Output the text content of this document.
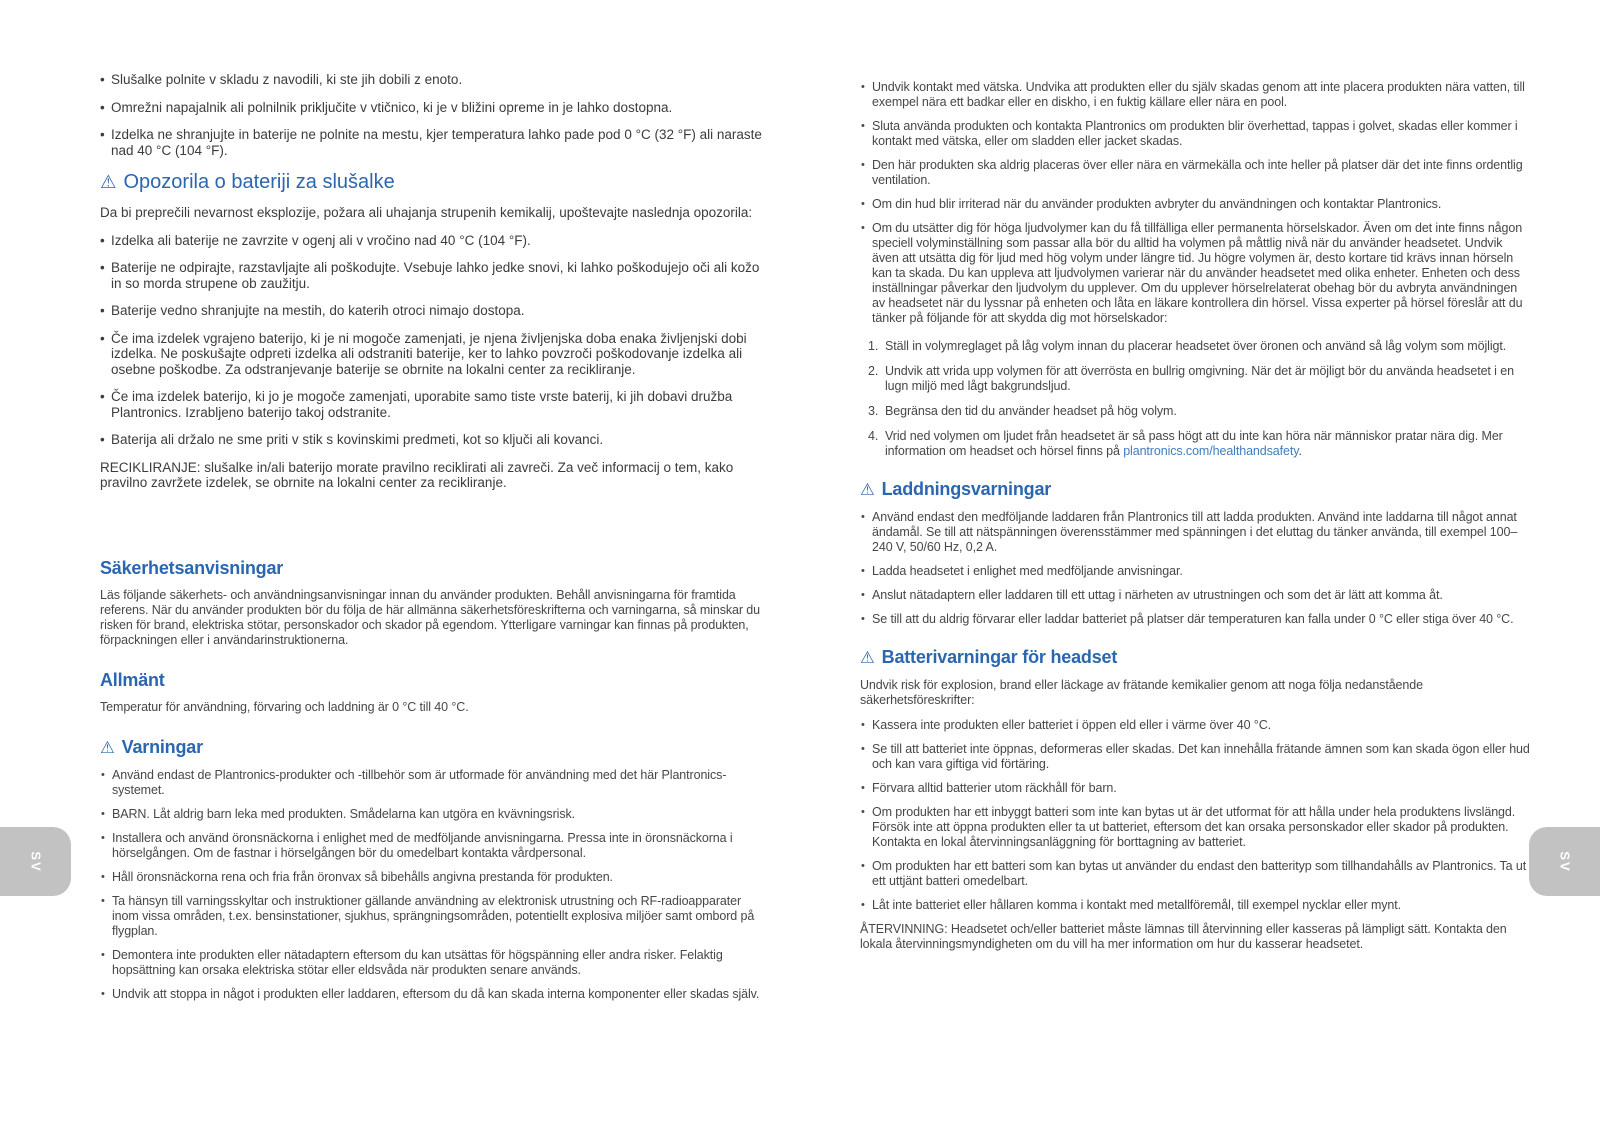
SV	SV
• Slušalke polnite v skladu z navodili, ki ste jih dobili z enoto.
• Omrežni napajalnik ali polnilnik priključite v vtičnico, ki je v bližini opreme in je lahko dostopna.
• Izdelka ne shranjujte in baterije ne polnite na mestu, kjer temperatura lahko pade pod 0 °C (32 °F) ali naraste nad 40 °C (104 °F).
⚠ Opozorila o bateriji za slušalke

Da bi preprečili nevarnost eksplozije, požara ali uhajanja strupenih kemikalij, upoštevajte naslednja opozorila:

• Izdelka ali baterije ne zavrzite v ogenj ali v vročino nad 40 °C (104 °F).
• Baterije ne odpirajte, razstavljajte ali poškodujte. Vsebuje lahko jedke snovi, ki lahko poškodujejo oči ali kožo in so morda strupene ob zaužitju.
• Baterije vedno shranjujte na mestih, do katerih otroci nimajo dostopa.
• Če ima izdelek vgrajeno baterijo, ki je ni mogoče zamenjati, je njena življenjska doba enaka življenjski dobi izdelka. Ne poskušajte odpreti izdelka ali odstraniti baterije, ker to lahko povzroči poškodovanje izdelka ali osebne poškodbe. Za odstranjevanje baterije se obrnite na lokalni center za recikliranje.
• Če ima izdelek baterijo, ki jo je mogoče zamenjati, uporabite samo tiste vrste baterij, ki jih dobavi družba Plantronics. Izrabljeno baterijo takoj odstranite.
• Baterija ali držalo ne sme priti v stik s kovinskimi predmeti, kot so ključi ali kovanci.

RECIKLIRANJE: slušalke in/ali baterijo morate pravilno reciklirati ali zavreči. Za več informacij o tem, kako pravilno zavržete izdelek, se obrnite na lokalni center za recikliranje.

Säkerhetsanvisningar

Läs följande säkerhets- och användningsanvisningar innan du använder produkten. Behåll anvisningarna för framtida referens. När du använder produkten bör du följa de här allmänna säkerhetsföreskrifterna och varningarna, så minskar du risken för brand, elektriska stötar, personskador och skador på egendom. Ytterligare varningar kan finnas på produkten, förpackningen eller i användarinstruktionerna.

Allmänt

Temperatur för användning, förvaring och laddning är 0 °C till 40 °C.

⚠ Varningar
• Använd endast de Plantronics-produkter och -tillbehör som är utformade för användning med det här Plantronics-systemet.
• BARN. Låt aldrig barn leka med produkten. Smådelarna kan utgöra en kvävningsrisk.
• Installera och använd öronsnäckorna i enlighet med de medföljande anvisningarna. Pressa inte in öronsnäckorna i hörselgången. Om de fastnar i hörselgången bör du omedelbart kontakta vårdpersonal.
• Håll öronsnäckorna rena och fria från öronvax så bibehålls angivna prestanda för produkten.
• Ta hänsyn till varningsskyltar och instruktioner gällande användning av elektronisk utrustning och RF-radioapparater inom vissa områden, t.ex. bensinstationer, sjukhus, sprängningsområden, potentiellt explosiva miljöer samt ombord på flygplan.
• Demontera inte produkten eller nätadaptern eftersom du kan utsättas för högspänning eller andra risker. Felaktig hopsättning kan orsaka elektriska stötar eller eldsvåda när produkten senare används.
• Undvik att stoppa in något i produkten eller laddaren, eftersom du då kan skada interna komponenter eller skadas själv.
• Undvik kontakt med vätska. Undvika att produkten eller du själv skadas genom att inte placera produkten nära vatten, till exempel nära ett badkar eller en diskho, i en fuktig källare eller nära en pool.
• Sluta använda produkten och kontakta Plantronics om produkten blir överhettad, tappas i golvet, skadas eller kommer i kontakt med vätska, eller om sladden eller jacket skadas.
• Den här produkten ska aldrig placeras över eller nära en värmekälla och inte heller på platser där det inte finns ordentlig ventilation.
• Om din hud blir irriterad när du använder produkten avbryter du användningen och kontaktar Plantronics.
• Om du utsätter dig för höga ljudvolymer kan du få tillfälliga eller permanenta hörselskador. Även om det inte finns någon speciell volyminställning som passar alla bör du alltid ha volymen på måttlig nivå när du använder headsetet. Undvik även att utsätta dig för ljud med hög volym under längre tid. Ju högre volymen är, desto kortare tid krävs innan hörseln kan ta skada. Du kan uppleva att ljudvolymen varierar när du använder headsetet med olika enheter. Enheten och dess inställningar påverkar den ljudvolym du upplever. Om du upplever hörselrelaterat obehag bör du avbryta användningen av headsetet när du lyssnar på enheten och låta en läkare kontrollera din hörsel. Vissa experter på hörsel föreslår att du tänker på följande för att skydda dig mot hörselskador:
Ställ in volymreglaget på låg volym innan du placerar headsetet över öronen och använd så låg volym som möjligt.
Undvik att vrida upp volymen för att överrösta en bullrig omgivning. När det är möjligt bör du använda headsetet i en lugn miljö med lågt bakgrundsljud.
Begränsa den tid du använder headset på hög volym.
Vrid ned volymen om ljudet från headsetet är så pass högt att du inte kan höra när människor pratar nära dig. Mer information om headset och hörsel finns på plantronics.com/healthandsafety.
⚠ Laddningsvarningar
• Använd endast den medföljande laddaren från Plantronics till att ladda produkten. Använd inte laddarna till något annat ändamål. Se till att nätspänningen överensstämmer med spänningen i det eluttag du tänker använda, till exempel 100–240 V, 50/60 Hz, 0,2 A.
• Ladda headsetet i enlighet med medföljande anvisningar.
• Anslut nätadaptern eller laddaren till ett uttag i närheten av utrustningen och som det är lätt att komma åt.
• Se till att du aldrig förvarar eller laddar batteriet på platser där temperaturen kan falla under 0 °C eller stiga över 40 °C.
⚠ Batterivarningar för headset

Undvik risk för explosion, brand eller läckage av frätande kemikalier genom att noga följa nedanstående säkerhetsföreskrifter:

• Kassera inte produkten eller batteriet i öppen eld eller i värme över 40 °C.
• Se till att batteriet inte öppnas, deformeras eller skadas. Det kan innehålla frätande ämnen som kan skada ögon eller hud och kan vara giftiga vid förtäring.
• Förvara alltid batterier utom räckhåll för barn.
• Om produkten har ett inbyggt batteri som inte kan bytas ut är det utformat för att hålla under hela produktens livslängd. Försök inte att öppna produkten eller ta ut batteriet, eftersom det kan orsaka personskador eller skador på produkten. Kontakta en lokal återvinningsanläggning för borttagning av batteriet.
• Om produkten har ett batteri som kan bytas ut använder du endast den batterityp som tillhandahålls av Plantronics. Ta ut ett uttjänt batteri omedelbart.
• Låt inte batteriet eller hållaren komma i kontakt med metallföremål, till exempel nycklar eller mynt.

ÅTERVINNING: Headsetet och/eller batteriet måste lämnas till återvinning eller kasseras på lämpligt sätt. Kontakta den lokala återvinningsmyndigheten om du vill ha mer information om hur du kasserar headsetet.
